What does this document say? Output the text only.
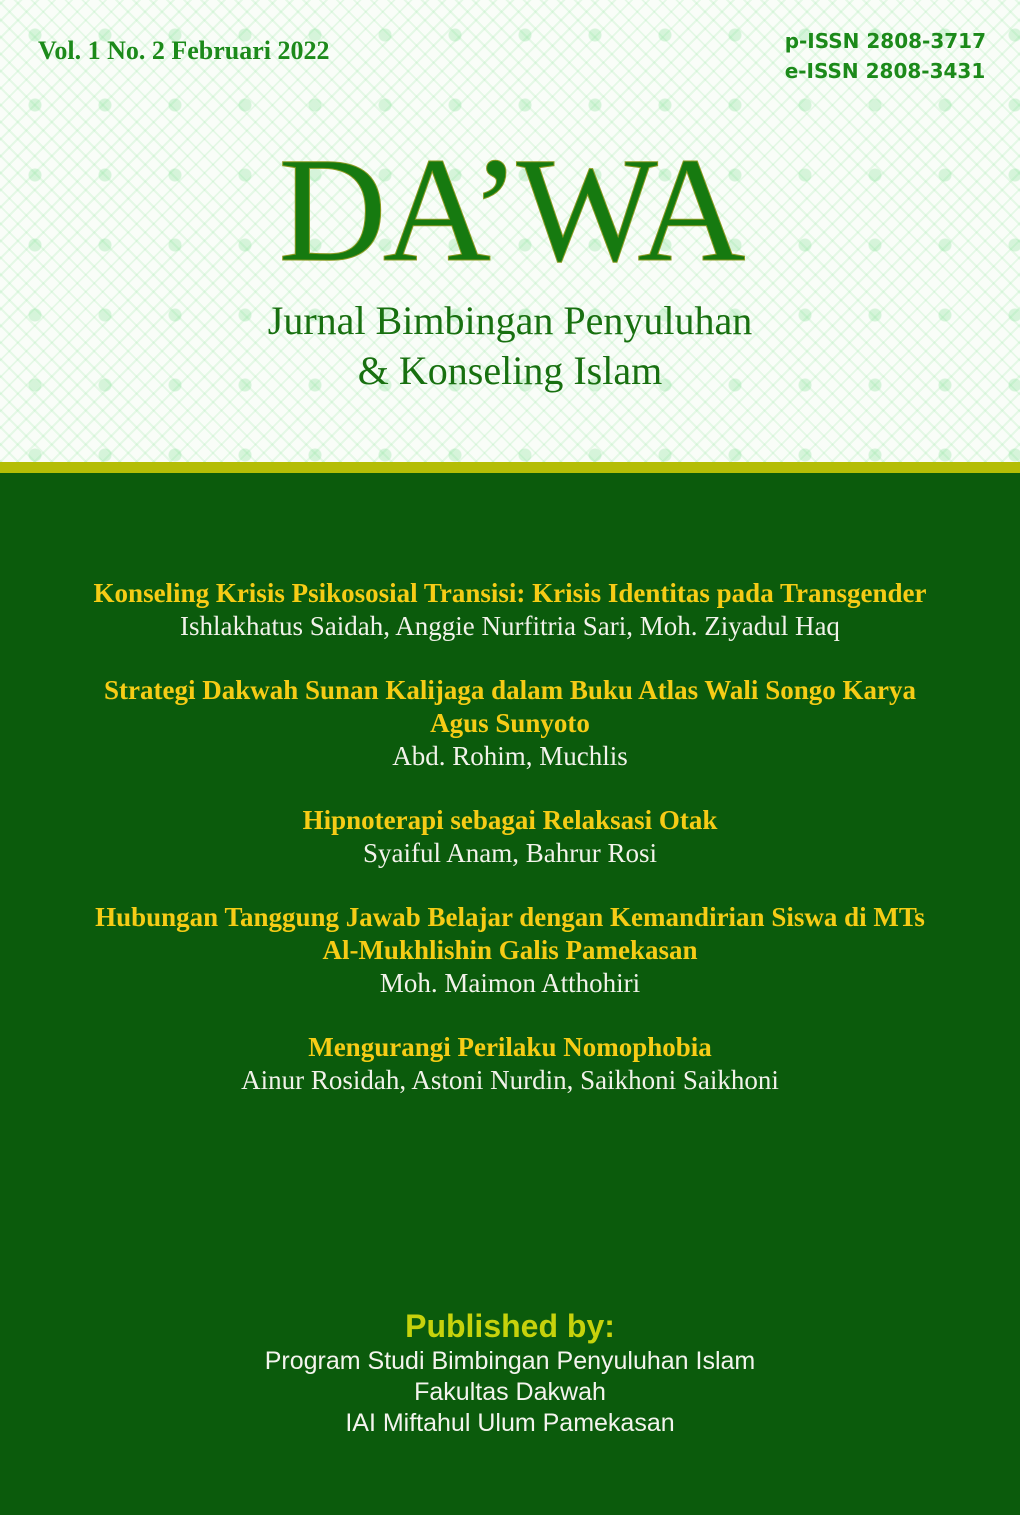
Vol. 1 No. 2 Februari 2022	p-ISSN 2808-3717
e-ISSN 2808-3431
DA’WA
Jurnal Bimbingan Penyuluhan
& Konseling Islam
Konseling Krisis Psikososial Transisi: Krisis Identitas pada Transgender
Ishlakhatus Saidah, Anggie Nurfitria Sari, Moh. Ziyadul Haq
Strategi Dakwah Sunan Kalijaga dalam Buku Atlas Wali Songo Karya Agus Sunyoto
Abd. Rohim, Muchlis
Hipnoterapi sebagai Relaksasi Otak
Syaiful Anam, Bahrur Rosi
Hubungan Tanggung Jawab Belajar dengan Kemandirian Siswa di MTs Al-Mukhlishin Galis Pamekasan
Moh. Maimon Atthohiri
Mengurangi Perilaku Nomophobia
Ainur Rosidah, Astoni Nurdin, Saikhoni Saikhoni
Published by:
Program Studi Bimbingan Penyuluhan Islam
Fakultas Dakwah
IAI Miftahul Ulum Pamekasan
